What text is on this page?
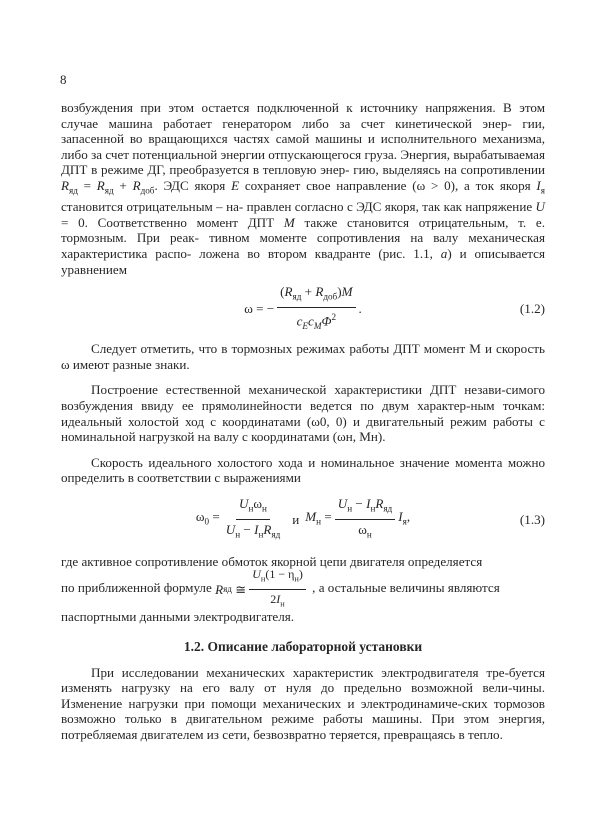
8

возбуждения при этом остается подключенной к источнику напряжения. В этом случае машина работает генератором либо за счет кинетической энер- гии, запасенной во вращающихся частях самой машины и исполнительного механизма, либо за счет потенциальной энергии отпускающегося груза. Энергия, вырабатываемая ДПТ в режиме ДГ, преобразуется в тепловую энер- гию, выделяясь на сопротивлении $R_{яд} = R_{яд} + R_{доб}$. ЭДС якоря E сохраняет свое направление (ω > 0), а ток якоря $I_я$ становится отрицательным – на- правлен согласно с ЭДС якоря, так как напряжение U = 0. Соответственно момент ДПТ M также становится отрицательным, т. е. тормозным. При реак- тивном моменте сопротивления на валу механическая характеристика распо- ложена во втором квадранте (рис. 1.1, а) и описывается уравнением

ω = − $\frac{(R_{яд} + R_{доб})M}{c_Ec_M\Phi^2}$ .	(1.2)

Следует отметить, что в тормозных режимах работы ДПТ момент M и скорость ω имеют разные знаки.

Построение естественной механической характеристики ДПТ незави-симого возбуждения ввиду ее прямолинейности ведется по двум характер-ным точкам: идеальный холостой ход с координатами (ω0, 0) и двигательный режим работы с номинальной нагрузкой на валу с координатами (ωн, Mн).

Скорость идеального холостого хода и номинальное значение момента можно определить в соответствии с выражениями

$\omega_0 = \frac{U_н\omega_н}{U_н - I_нR_{яд}}$ и $M_н = \frac{U_н - I_нR_{яд}}{\omega_н} I_я$,	(1.3)

где активное сопротивление обмоток якорной цепи двигателя определяется

по приближенной формуле R яд ≅ $\frac{U_н(1 - \eta_н)}{2I_н}$ , а остальные величины являются

паспортными данными электродвигателя.

1.2. Описание лабораторной установки

При исследовании механических характеристик электродвигателя тре-буется изменять нагрузку на его валу от нуля до предельно возможной вели-чины. Изменение нагрузки при помощи механических и электродинамиче-ских тормозов возможно только в двигательном режиме работы машины. При этом энергия, потребляемая двигателем из сети, безвозвратно теряется, превращаясь в тепло.
